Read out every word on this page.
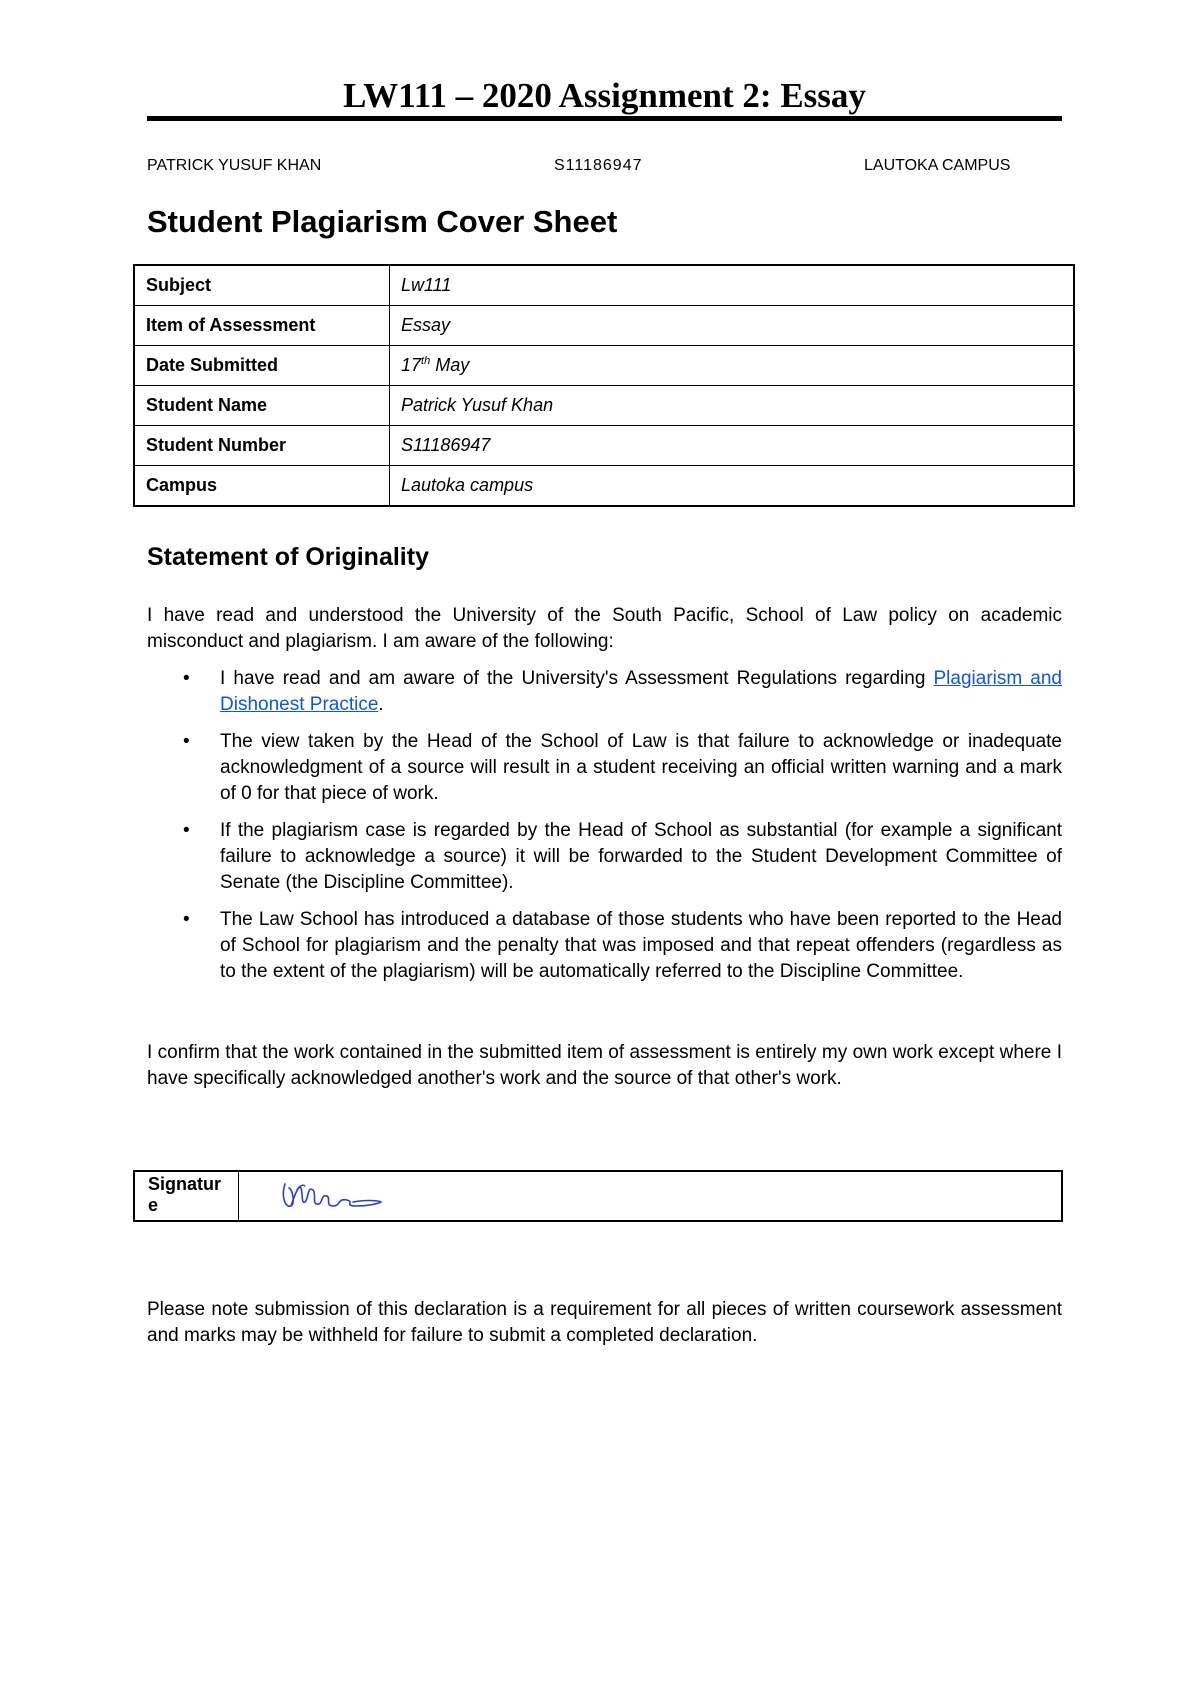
LW111 – 2020 Assignment 2: Essay
PATRICK YUSUF KHAN	S11186947	LAUTOKA CAMPUS
Student Plagiarism Cover Sheet
Subject	Lw111
Item of Assessment	Essay
Date Submitted	17th May
Student Name	Patrick Yusuf Khan
Student Number	S11186947
Campus	Lautoka campus
Statement of Originality

I have read and understood the University of the South Pacific, School of Law policy on academic misconduct and plagiarism. I am aware of the following:

• I have read and am aware of the University's Assessment Regulations regarding Plagiarism and Dishonest Practice.
• The view taken by the Head of the School of Law is that failure to acknowledge or inadequate acknowledgment of a source will result in a student receiving an official written warning and a mark of 0 for that piece of work.
• If the plagiarism case is regarded by the Head of School as substantial (for example a significant failure to acknowledge a source) it will be forwarded to the Student Development Committee of Senate (the Discipline Committee).
• The Law School has introduced a database of those students who have been reported to the Head of School for plagiarism and the penalty that was imposed and that repeat offenders (regardless as to the extent of the plagiarism) will be automatically referred to the Discipline Committee.

I confirm that the work contained in the submitted item of assessment is entirely my own work except where I have specifically acknowledged another's work and the source of that other's work.

Signatur
e

Please note submission of this declaration is a requirement for all pieces of written coursework assessment and marks may be withheld for failure to submit a completed declaration.
